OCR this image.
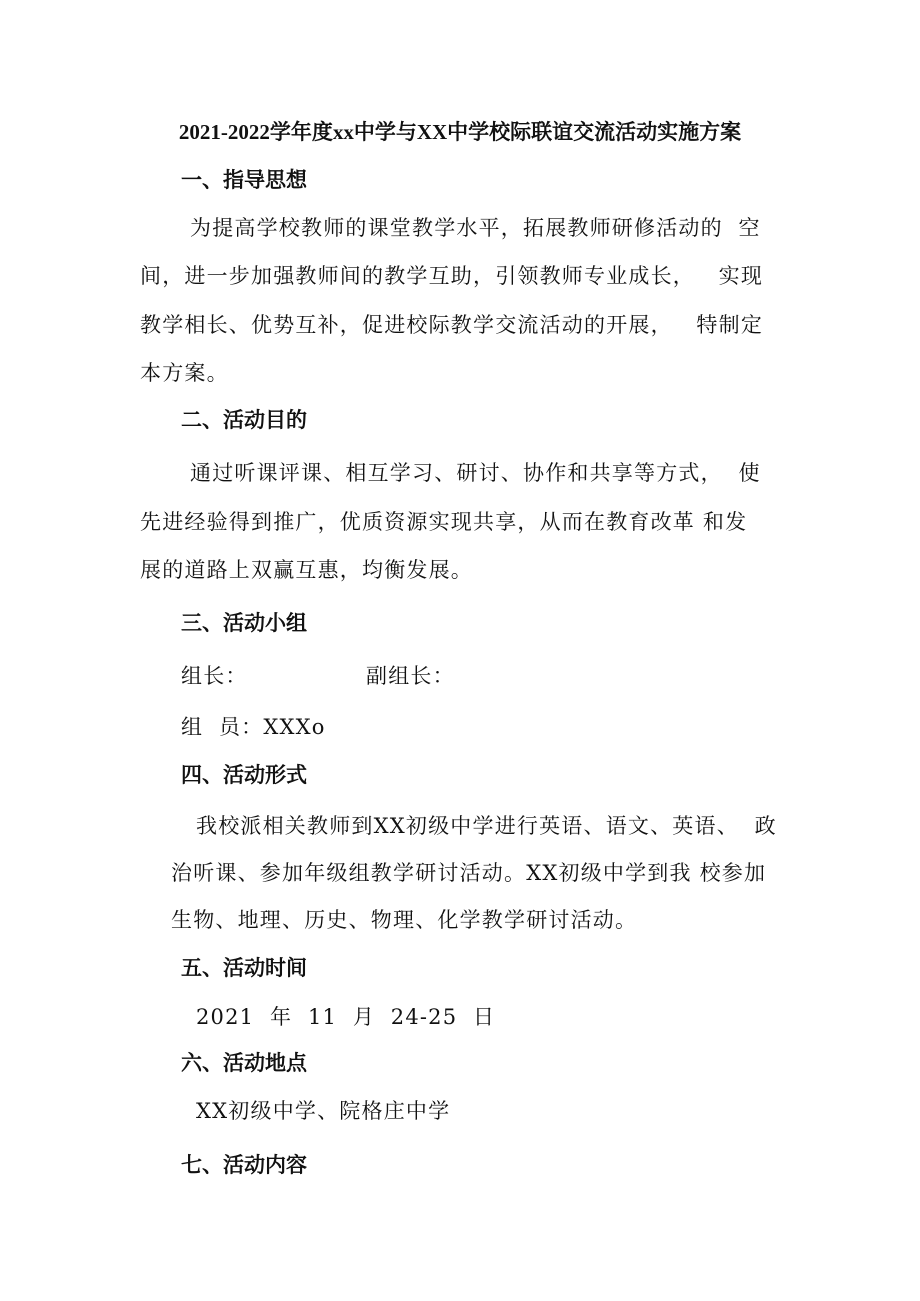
2021-2022学年度xx中学与XX中学校际联谊交流活动实施方案
一、指导思想
为提高学校教师的课堂教学水平，拓展教师研修活动的  空
间，进一步加强教师间的教学互助，引领教师专业成长，   实现
教学相长、优势互补，促进校际教学交流活动的开展，   特制定
本方案。
二、活动目的
通过听课评课、相互学习、研讨、协作和共享等方式，  使
先进经验得到推广，优质资源实现共享，从而在教育改革 和发
展的道路上双赢互惠，均衡发展。
三、活动小组
组长：	副组长：
组  员：XXXo
四、活动形式
我校派相关教师到XX初级中学进行英语、语文、英语、  政
治听课、参加年级组教学研讨活动。XX初级中学到我 校参加
生物、地理、历史、物理、化学教学研讨活动。
五、活动时间
2021  年  11  月  24-25  日
六、活动地点
XX初级中学、院格庄中学
七、活动内容
